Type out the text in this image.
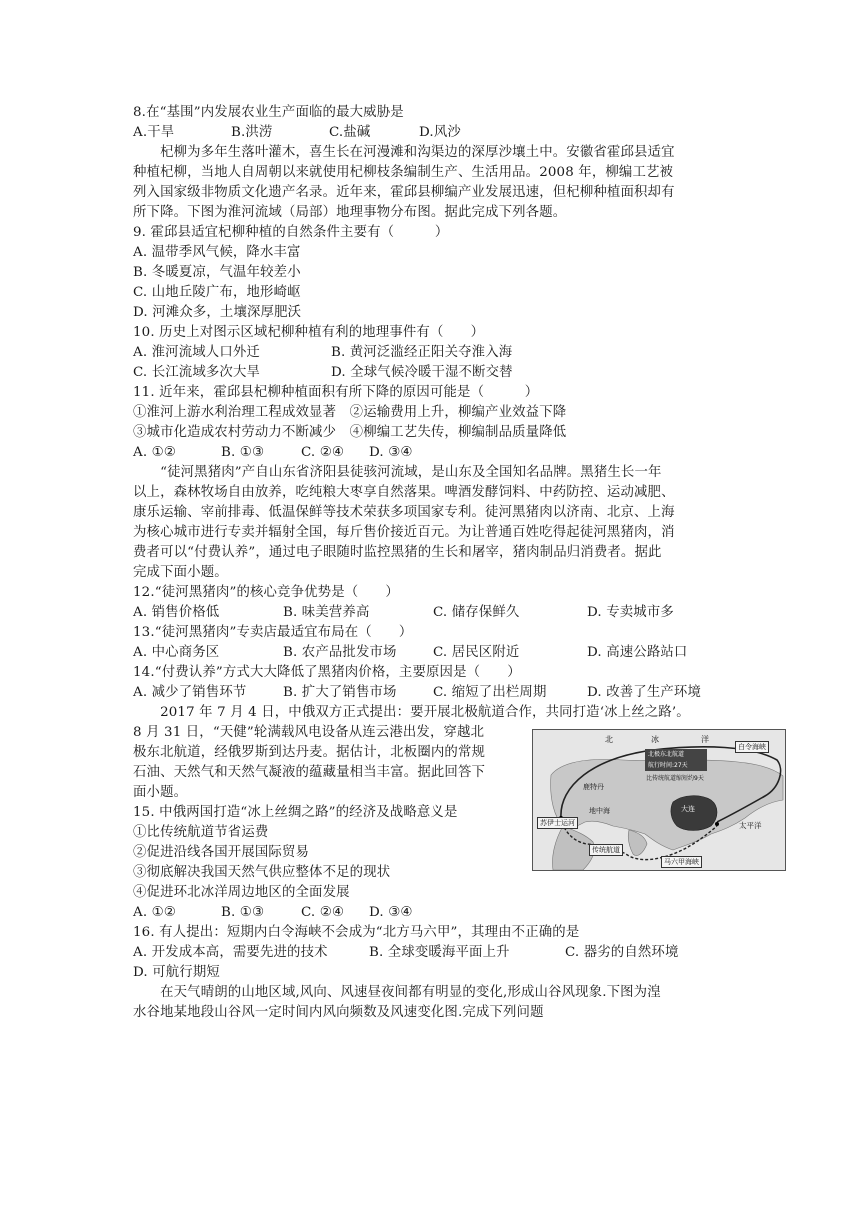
8.在“基围”内发展农业生产面临的最大威胁是
A.干旱	B.洪涝	C.盐碱	D.风沙
　　杞柳为多年生落叶灌木，喜生长在河漫滩和沟渠边的深厚沙壤土中。安徽省霍邱县适宜
种植杞柳，当地人自周朝以来就使用杞柳枝条编制生产、生活用品。2008 年，柳编工艺被
列入国家级非物质文化遗产名录。近年来，霍邱县柳编产业发展迅速，但杞柳种植面积却有
所下降。下图为淮河流域（局部）地理事物分布图。据此完成下列各题。
9. 霍邱县适宜杞柳种植的自然条件主要有（　　　）
A. 温带季风气候，降水丰富
B. 冬暖夏凉，气温年较差小
C. 山地丘陵广布，地形崎岖
D. 河滩众多，土壤深厚肥沃
10. 历史上对图示区域杞柳种植有利的地理事件有（　　）
A. 淮河流域人口外迁	B. 黄河泛滥经正阳关夺淮入海
C. 长江流域多次大旱	D. 全球气候冷暖干湿不断交替
11. 近年来，霍邱县杞柳种植面积有所下降的原因可能是（　　　）
①淮河上游水利治理工程成效显著　②运输费用上升，柳编产业效益下降
③城市化造成农村劳动力不断减少　④柳编工艺失传，柳编制品质量降低
A. ①②	B. ①③	C. ②④	D. ③④
　　“徒河黑猪肉”产自山东省济阳县徒骇河流域，是山东及全国知名品牌。黑猪生长一年
以上，森林牧场自由放养，吃纯粮大枣享自然落果。啤酒发酵饲料、中药防控、运动减肥、
康乐运输、宰前排毒、低温保鲜等技术荣获多项国家专利。徒河黑猪肉以济南、北京、上海
为核心城市进行专卖并辐射全国，每斤售价接近百元。为让普通百姓吃得起徒河黑猪肉，消
费者可以“付费认养”，通过电子眼随时监控黑猪的生长和屠宰，猪肉制品归消费者。据此
完成下面小题。
12.“徒河黑猪肉”的核心竞争优势是（　　）
A. 销售价格低	B. 味美营养高	C. 储存保鲜久	D. 专卖城市多
13.“徒河黑猪肉”专卖店最适宜布局在（　　）
A. 中心商务区	B. 农产品批发市场	C. 居民区附近	D. 高速公路站口
14.“付费认养”方式大大降低了黑猪肉价格，主要原因是（　　）
A. 减少了销售环节	B. 扩大了销售市场	C. 缩短了出栏周期	D. 改善了生产环境
　　2017 年 7 月 4 日，中俄双方正式提出：要开展北极航道合作，共同打造‘冰上丝之路’。
8 月 31 日，“天健”轮满载风电设备从连云港出发，穿越北
极东北航道，经俄罗斯到达丹麦。据估计，北板圈内的常规
石油、天然气和天然气凝液的蕴藏量相当丰富。据此回答下
面小题。
15. 中俄两国打造“冰上丝绸之路”的经济及战略意义是
①比传统航道节省运费
②促进沿线各国开展国际贸易
③彻底解决我国天然气供应整体不足的现状
④促进环北冰洋周边地区的全面发展
A. ①②	B. ①③	C. ②④	D. ③④
16. 有人提出：短期内白令海峡不会成为“北方马六甲”，其理由不正确的是
A. 开发成本高，需要先进的技术	B. 全球变暖海平面上升	C. 器劣的自然环境
D. 可航行期短
　　在天气晴朗的山地区域,风向、风速昼夜间都有明显的变化,形成山谷风现象.下图为湟
水谷地某地段山谷风一定时间内风向频数及风速变化图.完成下列问题
北	冰	洋
白令海峡
北极东北航道
航行时间:27天
比传统航道缩短约9天
鹿特丹
地中海
苏伊士运河
大连
太平洋
传统航道
马六甲海峡
